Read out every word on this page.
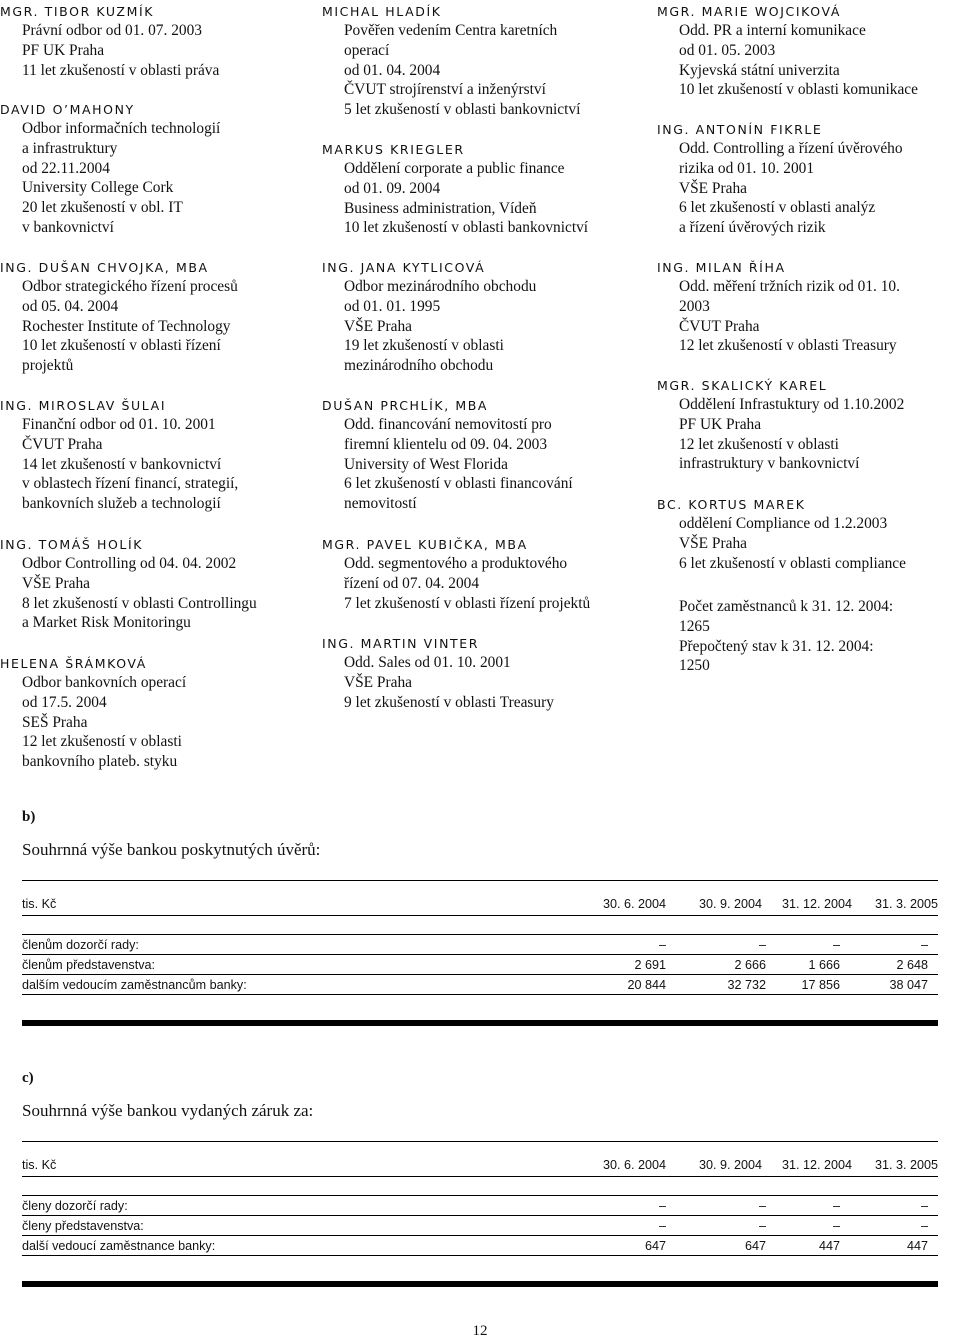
MGR. TIBOR KUZMÍK
Právní odbor od 01. 07. 2003
PF UK Praha
11 let zkušeností v oblasti práva
DAVID O’MAHONY
Odbor informačních technologií
a infrastruktury
od 22.11.2004
University College Cork
20 let zkušeností v obl. IT
v bankovnictví
ING. DUŠAN CHVOJKA, MBA
Odbor strategického řízení procesů
od 05. 04. 2004
Rochester Institute of Technology
10 let zkušeností v oblasti řízení
projektů
ING. MIROSLAV ŠULAI
Finanční odbor od 01. 10. 2001
ČVUT Praha
14 let zkušeností v bankovnictví
v oblastech řízení financí, strategií,
bankovních služeb a technologií
ING. TOMÁŠ HOLÍK
Odbor Controlling od 04. 04. 2002
VŠE Praha
8 let zkušeností v oblasti Controllingu
a Market Risk Monitoringu
HELENA ŠRÁMKOVÁ
Odbor bankovních operací
od 17.5. 2004
SEŠ Praha
12 let zkušeností v oblasti
bankovního plateb. styku
MICHAL HLADÍK
Pověřen vedením Centra karetních
operací
od 01. 04. 2004
ČVUT strojírenství a inženýrství
5 let zkušeností v oblasti bankovnictví
MARKUS KRIEGLER
Oddělení corporate a public finance
od 01. 09. 2004
Business administration, Vídeň
10 let zkušeností v oblasti bankovnictví
ING. JANA KYTLICOVÁ
Odbor mezinárodního obchodu
od 01. 01. 1995
VŠE Praha
19 let zkušeností v oblasti
mezinárodního obchodu
DUŠAN PRCHLÍK, MBA
Odd. financování nemovitostí pro
firemní klientelu od 09. 04. 2003
University of West Florida
6 let zkušeností v oblasti financování
nemovitostí
MGR. PAVEL KUBIČKA, MBA
Odd. segmentového a produktového
řízení od 07. 04. 2004
7 let zkušeností v oblasti řízení projektů
ING. MARTIN VINTER
Odd. Sales od 01. 10. 2001
VŠE Praha
9 let zkušeností v oblasti Treasury
MGR. MARIE WOJCIKOVÁ
Odd. PR a interní komunikace
od 01. 05. 2003
Kyjevská státní univerzita
10 let zkušeností v oblasti komunikace
ING. ANTONÍN FIKRLE
Odd. Controlling a řízení úvěrového
rizika od 01. 10. 2001
VŠE Praha
6 let zkušeností v oblasti analýz
a řízení úvěrových rizik
ING. MILAN ŘÍHA
Odd. měření tržních rizik od 01. 10.
2003
ČVUT Praha
12 let zkušeností v oblasti Treasury
MGR. SKALICKÝ KAREL
Oddělení Infrastuktury od 1.10.2002
PF UK Praha
12 let zkušeností v oblasti
infrastruktury v bankovnictví
BC. KORTUS MAREK
oddělení Compliance od 1.2.2003
VŠE Praha
6 let zkušeností v oblasti compliance
Počet zaměstnanců k 31. 12. 2004:
1265
Přepočtený stav k 31. 12. 2004:
1250
b)
Souhrnná výše bankou poskytnutých úvěrů:
tis. Kč	30. 6. 2004	30. 9. 2004	31. 12. 2004	31. 3. 2005
členům dozorčí rady:	–	–	–	–
členům představenstva:	2 691	2 666	1 666	2 648
dalším vedoucím zaměstnancům banky:	20 844	32 732	17 856	38 047
c)
Souhrnná výše bankou vydaných záruk za:
tis. Kč	30. 6. 2004	30. 9. 2004	31. 12. 2004	31. 3. 2005
členy dozorčí rady:	–	–	–	–
členy představenstva:	–	–	–	–
další vedoucí zaměstnance banky:	647	647	447	447
12
